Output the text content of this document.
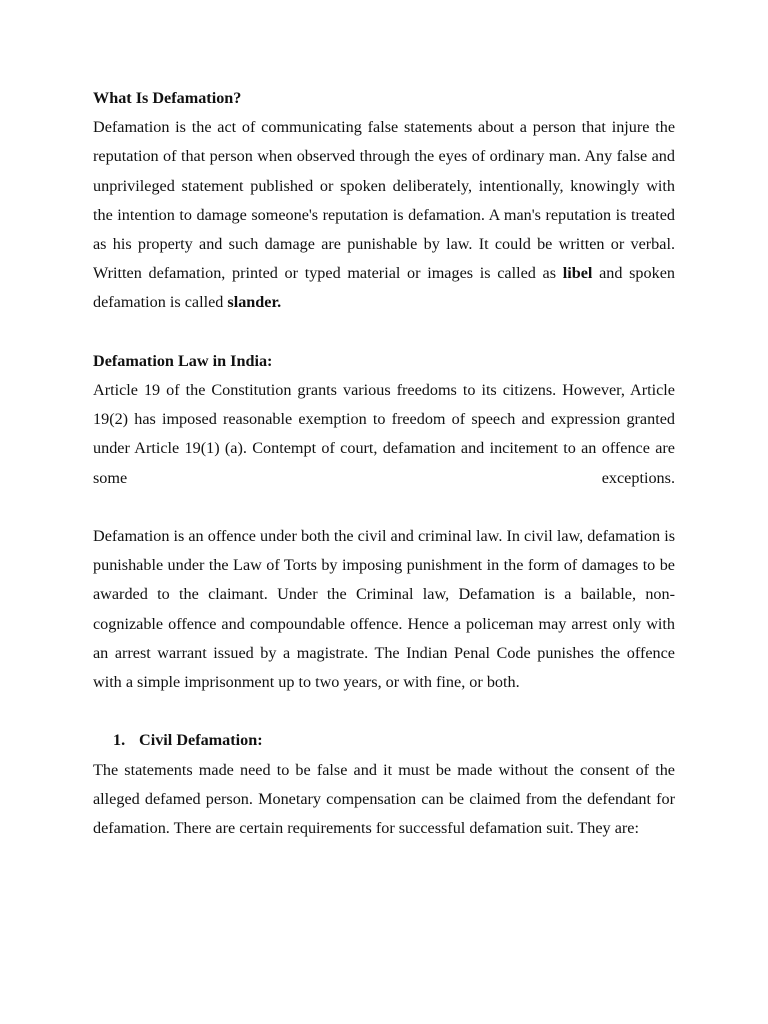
What Is Defamation?

Defamation is the act of communicating false statements about a person that injure the reputation of that person when observed through the eyes of ordinary man. Any false and unprivileged statement published or spoken deliberately, intentionally, knowingly with the intention to damage someone's reputation is defamation. A man's reputation is treated as his property and such damage are punishable by law. It could be written or verbal. Written defamation, printed or typed material or images is called as libel and spoken defamation is called slander.

Defamation Law in India:

Article 19 of the Constitution grants various freedoms to its citizens. However, Article 19(2) has imposed reasonable exemption to freedom of speech and expression granted under Article 19(1) (a). Contempt of court, defamation and incitement to an offence are some exceptions.

Defamation is an offence under both the civil and criminal law. In civil law, defamation is punishable under the Law of Torts by imposing punishment in the form of damages to be awarded to the claimant. Under the Criminal law, Defamation is a bailable, non-cognizable offence and compoundable offence. Hence a policeman may arrest only with an arrest warrant issued by a magistrate. The Indian Penal Code punishes the offence with a simple imprisonment up to two years, or with fine, or both.

1. Civil Defamation:

The statements made need to be false and it must be made without the consent of the alleged defamed person. Monetary compensation can be claimed from the defendant for defamation. There are certain requirements for successful defamation suit. They are:
